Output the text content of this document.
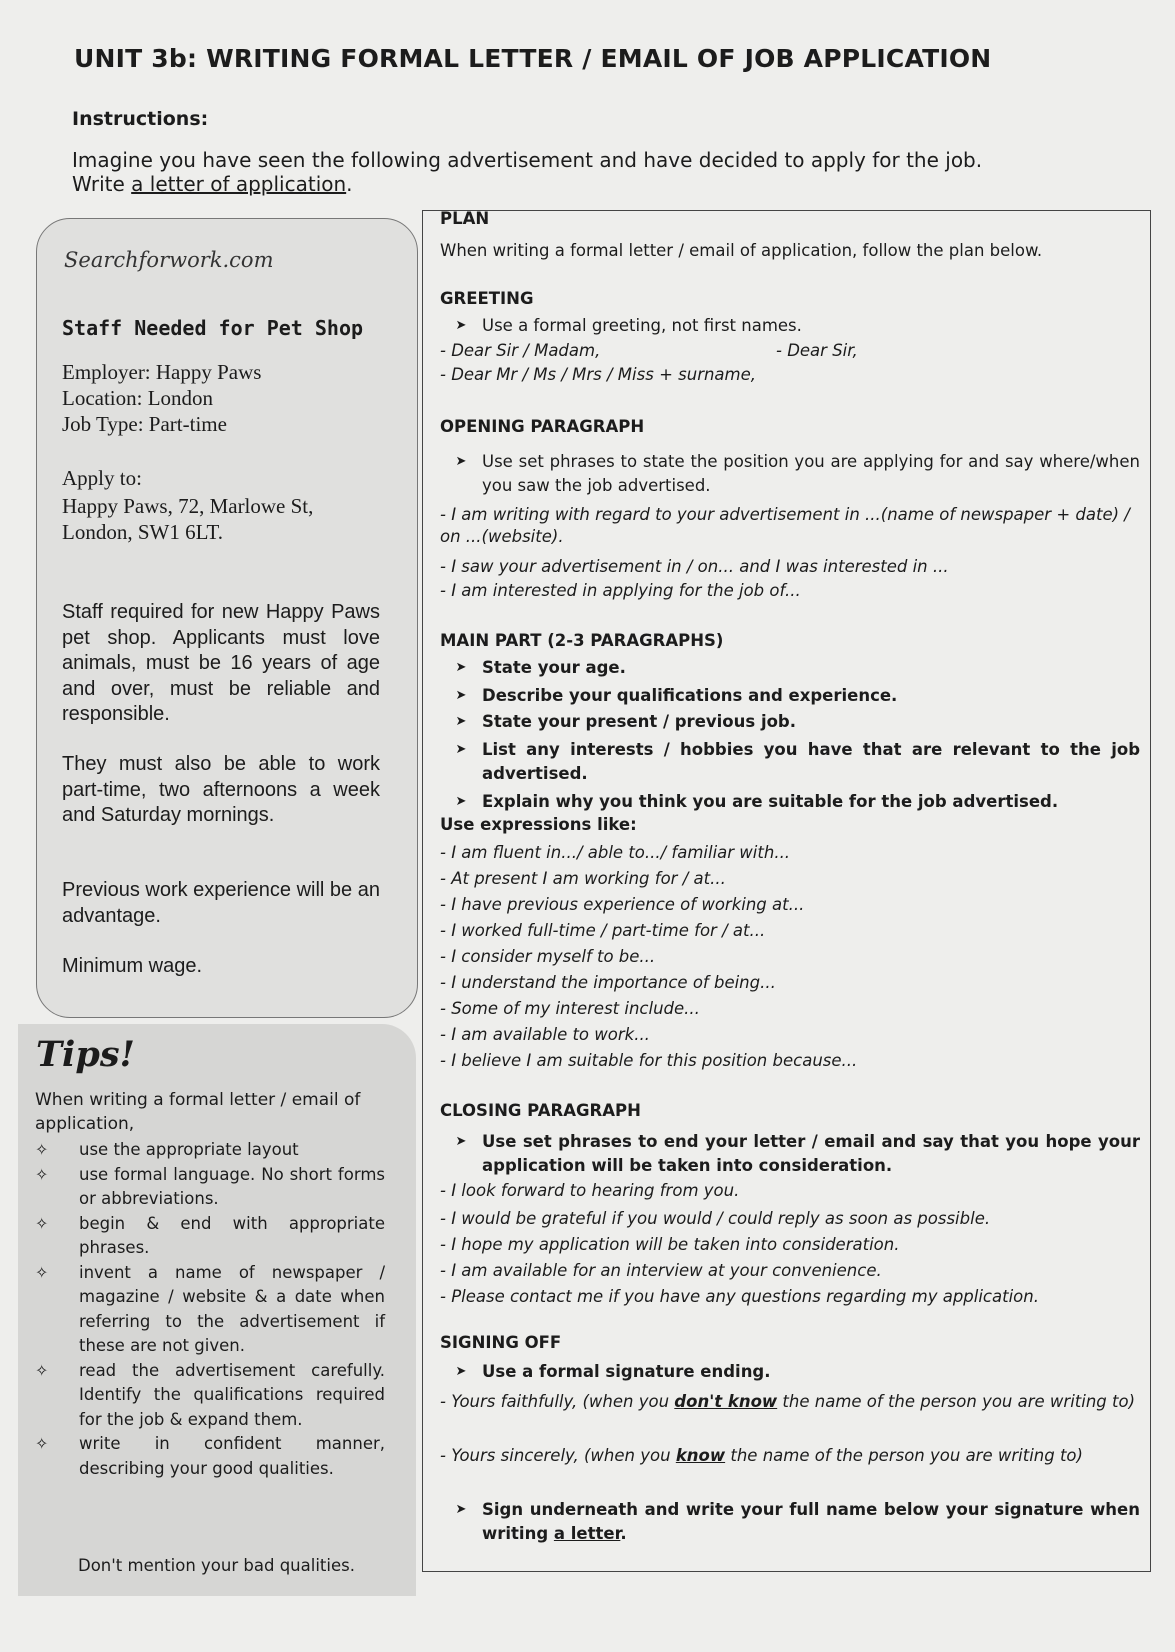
UNIT 3b: WRITING FORMAL LETTER / EMAIL OF JOB APPLICATION
Instructions:
Imagine you have seen the following advertisement and have decided to apply for the job.
Write a letter of application.
Searchforwork.com
Staff Needed for Pet Shop
Employer: Happy Paws
Location: London
Job Type: Part-time
Apply to:
Happy Paws, 72, Marlowe St,
London, SW1 6LT.
Staff required for new Happy Paws pet shop. Applicants must love animals, must be 16 years of age and over, must be reliable and responsible.
They must also be able to work part-time, two afternoons a week and Saturday mornings.
Previous work experience will be an advantage.
Minimum wage.
Tips!
When writing a formal letter / email of application,
✧	use the appropriate layout
✧	use formal language. No short forms or abbreviations.
✧	begin & end with appropriate phrases.
✧	invent a name of newspaper / magazine / website & a date when referring to the advertisement if these are not given.
✧	read the advertisement carefully. Identify the qualifications required for the job & expand them.
✧	write in confident manner, describing your good qualities.
Don't mention your bad qualities.
PLAN
When writing a formal letter / email of application, follow the plan below.
GREETING
➤ Use a formal greeting, not first names.
- Dear Sir / Madam,	- Dear Sir,
- Dear Mr / Ms / Mrs / Miss + surname,
OPENING PARAGRAPH
➤ Use set phrases to state the position you are applying for and say where/when you saw the job advertised.
- I am writing with regard to your advertisement in ...(name of newspaper + date) / on ...(website).
- I saw your advertisement in / on... and I was interested in ...
- I am interested in applying for the job of...
MAIN PART (2-3 PARAGRAPHS)
➤ State your age.
➤ Describe your qualifications and experience.
➤ State your present / previous job.
➤ List any interests / hobbies you have that are relevant to the job advertised.
➤ Explain why you think you are suitable for the job advertised.
Use expressions like:
- I am fluent in.../ able to.../ familiar with...
- At present I am working for / at...
- I have previous experience of working at...
- I worked full-time / part-time for / at...
- I consider myself to be...
- I understand the importance of being...
- Some of my interest include...
- I am available to work...
- I believe I am suitable for this position because...
CLOSING PARAGRAPH
➤ Use set phrases to end your letter / email and say that you hope your application will be taken into consideration.
- I look forward to hearing from you.
- I would be grateful if you would / could reply as soon as possible.
- I hope my application will be taken into consideration.
- I am available for an interview at your convenience.
- Please contact me if you have any questions regarding my application.
SIGNING OFF
➤ Use a formal signature ending.
- Yours faithfully, (when you don't know the name of the person you are writing to)
- Yours sincerely, (when you know the name of the person you are writing to)
➤ Sign underneath and write your full name below your signature when writing a letter.
